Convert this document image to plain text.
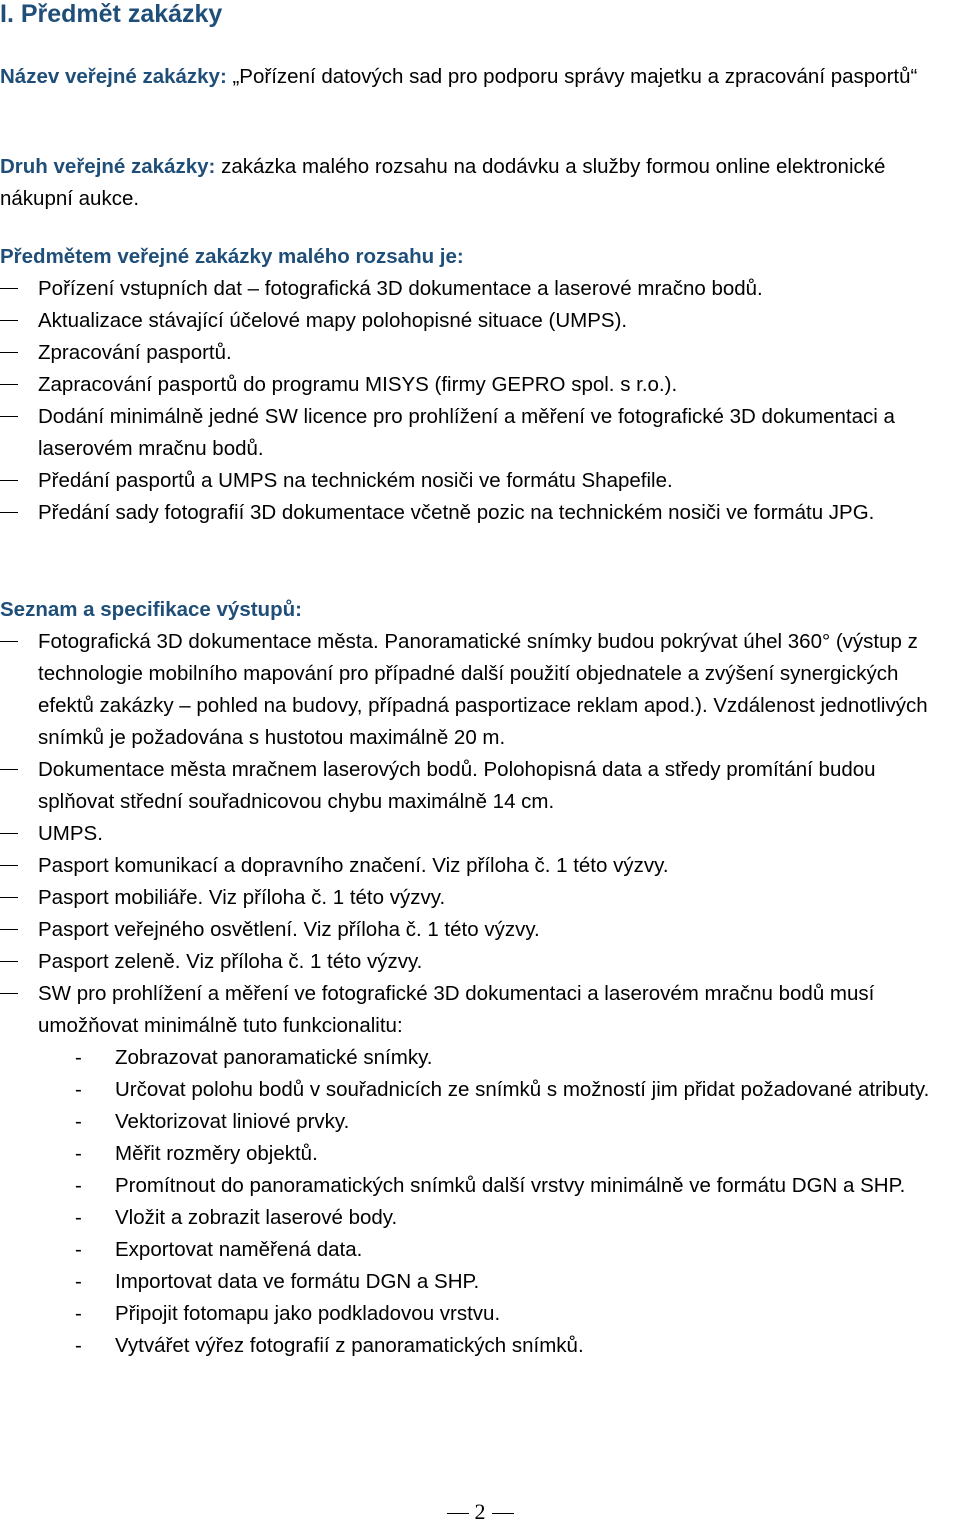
I. Předmět zakázky
Název veřejné zakázky: „Pořízení datových sad pro podporu správy majetku a zpracování pasportů“
Druh veřejné zakázky: zakázka malého rozsahu na dodávku a služby formou online elektronické nákupní aukce.
Předmětem veřejné zakázky malého rozsahu je:
Pořízení vstupních dat – fotografická 3D dokumentace a laserové mračno bodů.
Aktualizace stávající účelové mapy polohopisné situace (UMPS).
Zpracování pasportů.
Zapracování pasportů do programu MISYS (firmy GEPRO spol. s r.o.).
Dodání minimálně jedné SW licence pro prohlížení a měření ve fotografické 3D dokumentaci a laserovém mračnu bodů.
Předání pasportů a UMPS na technickém nosiči ve formátu Shapefile.
Předání sady fotografií 3D dokumentace včetně pozic na technickém nosiči ve formátu JPG.
Seznam a specifikace výstupů:
Fotografická 3D dokumentace města. Panoramatické snímky budou pokrývat úhel 360° (výstup z technologie mobilního mapování pro případné další použití objednatele a zvýšení synergických efektů zakázky – pohled na budovy, případná pasportizace reklam apod.). Vzdálenost jednotlivých snímků je požadována s hustotou maximálně 20 m.
Dokumentace města mračnem laserových bodů. Polohopisná data a středy promítání budou splňovat střední souřadnicovou chybu maximálně 14 cm.
UMPS.
Pasport komunikací a dopravního značení. Viz příloha č. 1 této výzvy.
Pasport mobiliáře. Viz příloha č. 1 této výzvy.
Pasport veřejného osvětlení. Viz příloha č. 1 této výzvy.
Pasport zeleně. Viz příloha č. 1 této výzvy.
SW pro prohlížení a měření ve fotografické 3D dokumentaci a laserovém mračnu bodů musí umožňovat minimálně tuto funkcionalitu:
- Zobrazovat panoramatické snímky.
- Určovat polohu bodů v souřadnicích ze snímků s možností jim přidat požadované atributy.
- Vektorizovat liniové prvky.
- Měřit rozměry objektů.
- Promítnout do panoramatických snímků další vrstvy minimálně ve formátu DGN a SHP.
- Vložit a zobrazit laserové body.
- Exportovat naměřená data.
- Importovat data ve formátu DGN a SHP.
- Připojit fotomapu jako podkladovou vrstvu.
- Vytvářet výřez fotografií z panoramatických snímků.
2
